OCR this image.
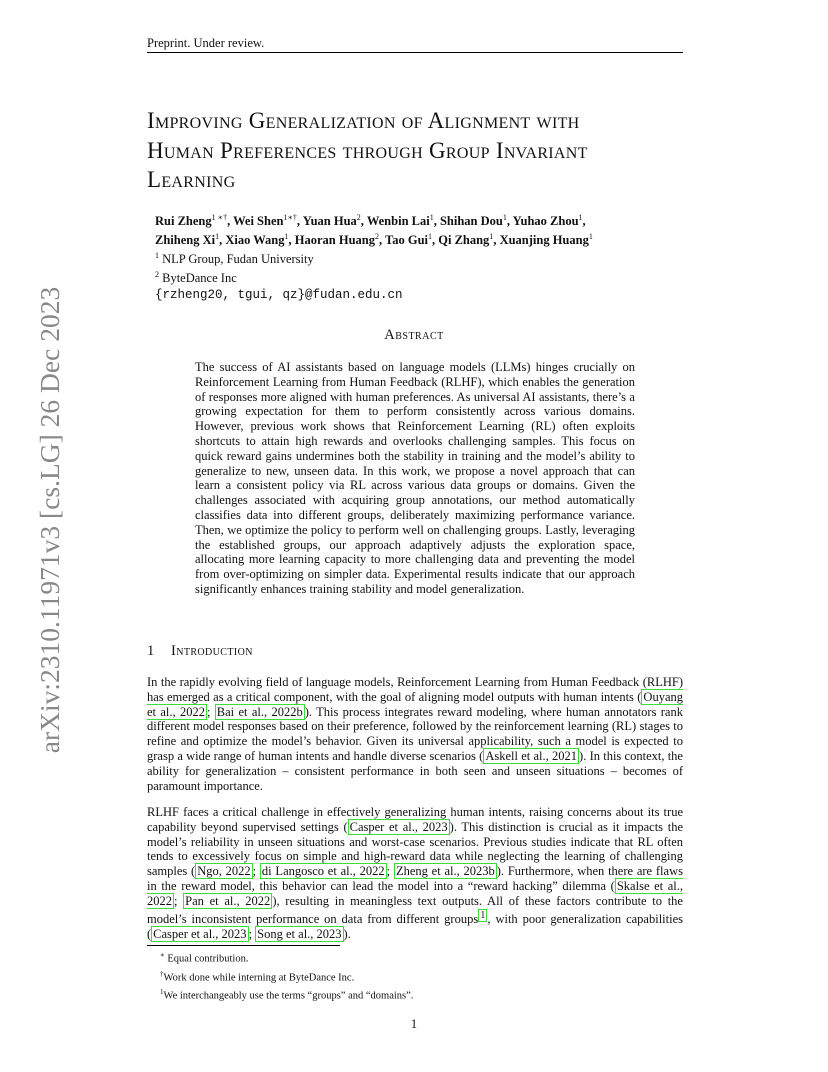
Preprint. Under review.
arXiv:2310.11971v3 [cs.LG] 26 Dec 2023
Improving Generalization of Alignment with
Human Preferences through Group Invariant
Learning
Rui Zheng$^{1 ∗\dagger}$, Wei Shen$^{1∗\dagger}$, Yuan Hua$^2$, Wenbin Lai$^1$, Shihan Dou$^1$, Yuhao Zhou$^1$,
Zhiheng Xi$^1$, Xiao Wang$^1$, Haoran Huang$^2$, Tao Gui$^1$, Qi Zhang$^1$, Xuanjing Huang$^1$
$^1$ NLP Group, Fudan University
$^2$ ByteDance Inc
{rzheng20, tgui, qz}@fudan.edu.cn
Abstract
The success of AI assistants based on language models (LLMs) hinges crucially on Reinforcement Learning from Human Feedback (RLHF), which enables the generation of responses more aligned with human preferences. As universal AI assistants, there’s a growing expectation for them to perform consistently across various domains. However, previous work shows that Reinforcement Learning (RL) often exploits shortcuts to attain high rewards and overlooks challenging samples. This focus on quick reward gains undermines both the stability in training and the model’s ability to generalize to new, unseen data. In this work, we propose a novel approach that can learn a consistent policy via RL across various data groups or domains. Given the challenges associated with acquiring group annotations, our method automatically classifies data into different groups, deliberately maximizing performance variance. Then, we optimize the policy to perform well on challenging groups. Lastly, leveraging the established groups, our approach adaptively adjusts the exploration space, allocating more learning capacity to more challenging data and preventing the model from over-optimizing on simpler data. Experimental results indicate that our approach significantly enhances training stability and model generalization.
1 Introduction
In the rapidly evolving field of language models, Reinforcement Learning from Human Feedback (RLHF) has emerged as a critical component, with the goal of aligning model outputs with human intents ( Ouyang et al., 2022 ; Bai et al., 2022b ). This process integrates reward modeling, where human annotators rank different model responses based on their preference, followed by the reinforcement learning (RL) stages to refine and optimize the model’s behavior. Given its universal applicability, such a model is expected to grasp a wide range of human intents and handle diverse scenarios ( Askell et al., 2021 ). In this context, the ability for generalization – consistent performance in both seen and unseen situations – becomes of paramount importance.
RLHF faces a critical challenge in effectively generalizing human intents, raising concerns about its true capability beyond supervised settings ( Casper et al., 2023 ). This distinction is crucial as it impacts the model’s reliability in unseen situations and worst-case scenarios. Previous studies indicate that RL often tends to excessively focus on simple and high-reward data while neglecting the learning of challenging samples ( Ngo, 2022 ; di Langosco et al., 2022 ; Zheng et al., 2023b ). Furthermore, when there are flaws in the reward model, this behavior can lead the model into a “reward hacking” dilemma ( Skalse et al., 2022 ; Pan et al., 2022 ), resulting in meaningless text outputs. All of these factors contribute to the model’s inconsistent performance on data from different groups $^1$ , with poor generalization capabilities ( Casper et al., 2023 ; Song et al., 2023 ).
∗ Equal contribution.
†Work done while interning at ByteDance Inc.
$^1$We interchangeably use the terms “groups” and “domains”.
1
